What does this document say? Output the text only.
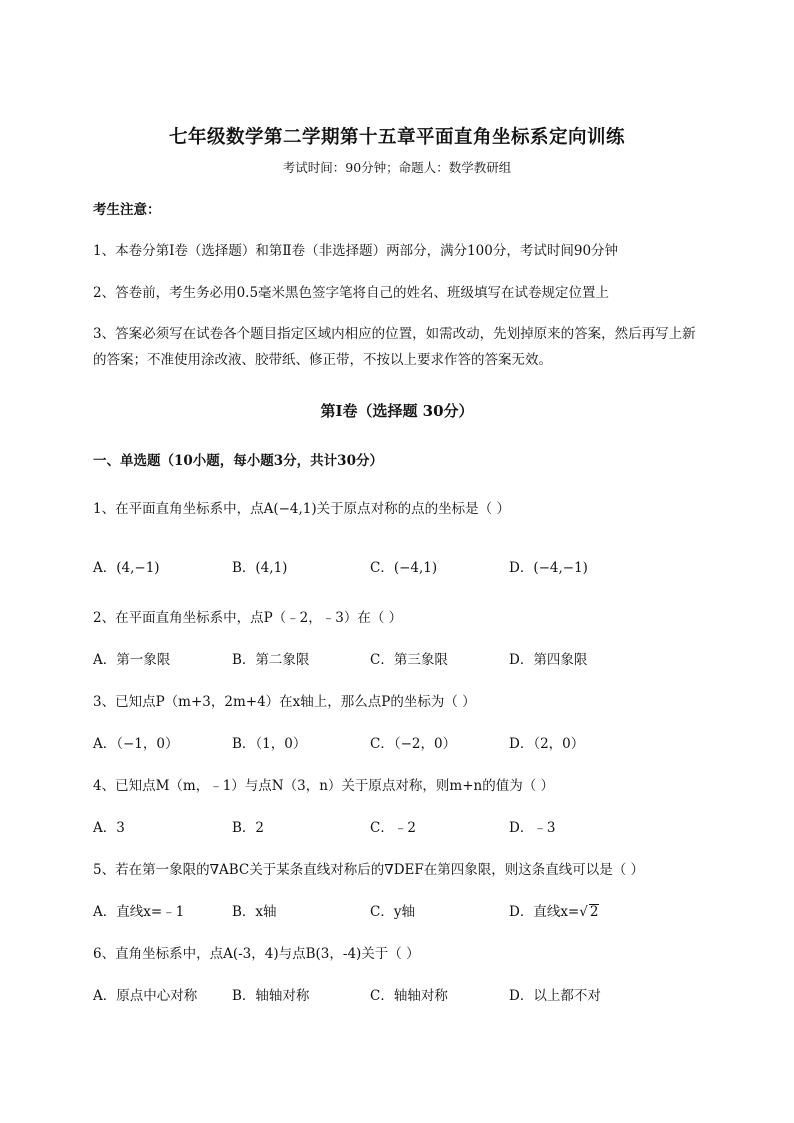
七年级数学第二学期第十五章平面直角坐标系定向训练
考试时间：90分钟；命题人：数学教研组
考生注意：
1、本卷分第I卷（选择题）和第Ⅱ卷（非选择题）两部分，满分100分，考试时间90分钟
2、答卷前，考生务必用0.5毫米黑色签字笔将自己的姓名、班级填写在试卷规定位置上
3、答案必须写在试卷各个题目指定区域内相应的位置，如需改动，先划掉原来的答案，然后再写上新的答案；不准使用涂改液、胶带纸、修正带，不按以上要求作答的答案无效。
第I卷（选择题 30分）
一、单选题（10小题，每小题3分，共计30分）
1、在平面直角坐标系中，点A(−4,1)关于原点对称的点的坐标是（ ）
A．(4,−1)	B．(4,1)	C．(−4,1)	D．(−4,−1)
2、在平面直角坐标系中，点P（﹣2，﹣3）在（ ）
A．第一象限	B．第二象限	C．第三象限	D．第四象限
3、已知点P（m+3，2m+4）在x轴上，那么点P的坐标为（ ）
A．（−1，0）	B．（1，0）	C．（−2，0）	D．（2，0）
4、已知点M（m，﹣1）与点N（3，n）关于原点对称，则m+n的值为（ ）
A．3	B．2	C．﹣2	D．﹣3
5、若在第一象限的∇ABC关于某条直线对称后的∇DEF在第四象限，则这条直线可以是（ ）
A．直线x=﹣1	B．x轴	C．y轴	D．直线x=√ 2
6、直角坐标系中，点A(-3，4)与点B(3，-4)关于（ ）
A．原点中心对称	B．轴轴对称	C．轴轴对称	D．以上都不对
